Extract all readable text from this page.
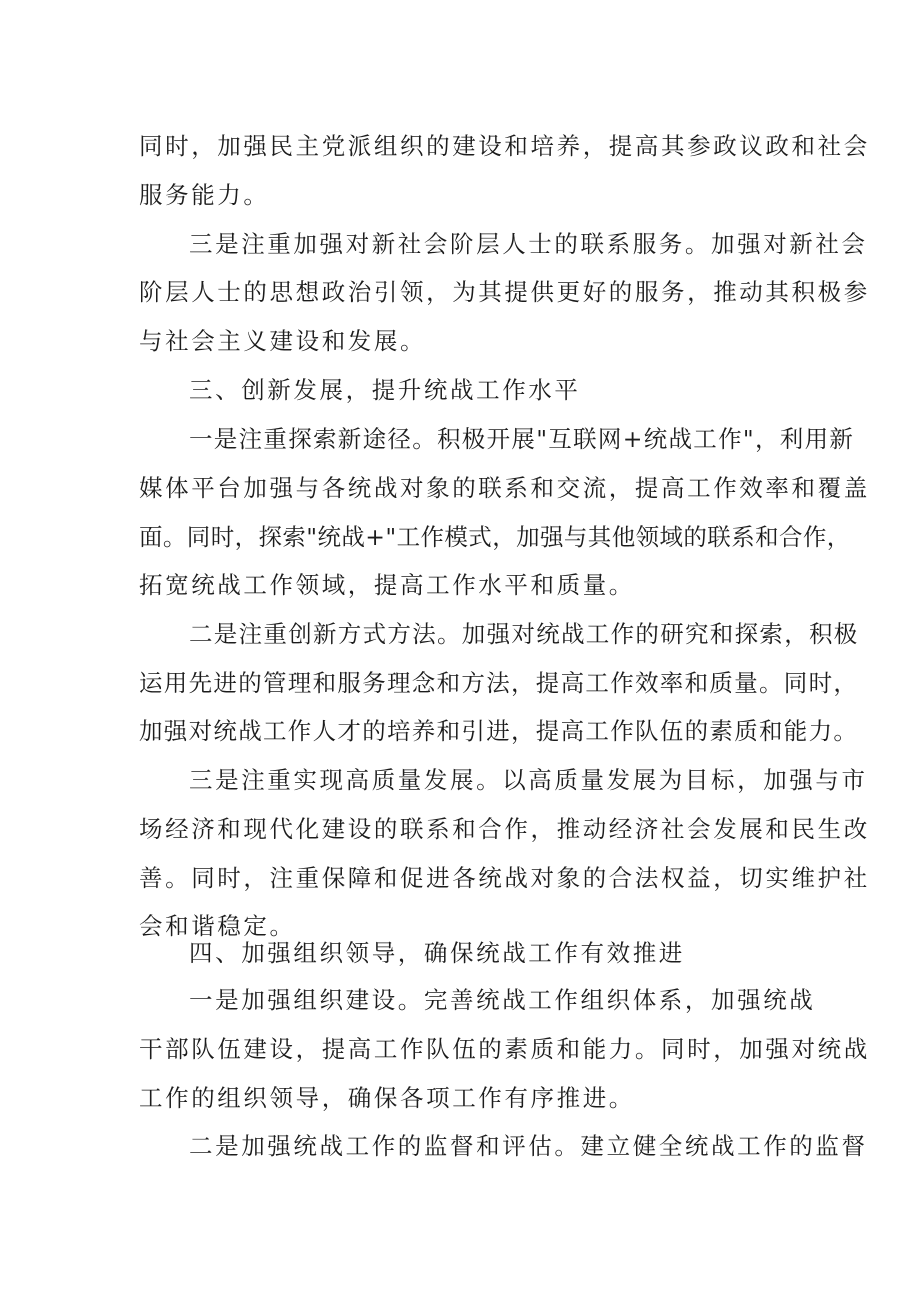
同时，加强民主党派组织的建设和培养，提高其参政议政和社会

服务能力。

三是注重加强对新社会阶层人士的联系服务。加强对新社会

阶层人士的思想政治引领，为其提供更好的服务，推动其积极参

与社会主义建设和发展。

三、创新发展，提升统战工作水平

一是注重探索新途径。积极开展"互联网+统战工作"，利用新

媒体平台加强与各统战对象的联系和交流，提高工作效率和覆盖

面。同时，探索"统战+"工作模式，加强与其他领域的联系和合作，

拓宽统战工作领域，提高工作水平和质量。

二是注重创新方式方法。加强对统战工作的研究和探索，积极

运用先进的管理和服务理念和方法，提高工作效率和质量。同时，

加强对统战工作人才的培养和引进，提高工作队伍的素质和能力。

三是注重实现高质量发展。以高质量发展为目标，加强与市

场经济和现代化建设的联系和合作，推动经济社会发展和民生改

善。同时，注重保障和促进各统战对象的合法权益，切实维护社

会和谐稳定。

四、加强组织领导，确保统战工作有效推进

一是加强组织建设。完善统战工作组织体系，加强统战

干部队伍建设，提高工作队伍的素质和能力。同时，加强对统战

工作的组织领导，确保各项工作有序推进。

二是加强统战工作的监督和评估。建立健全统战工作的监督
